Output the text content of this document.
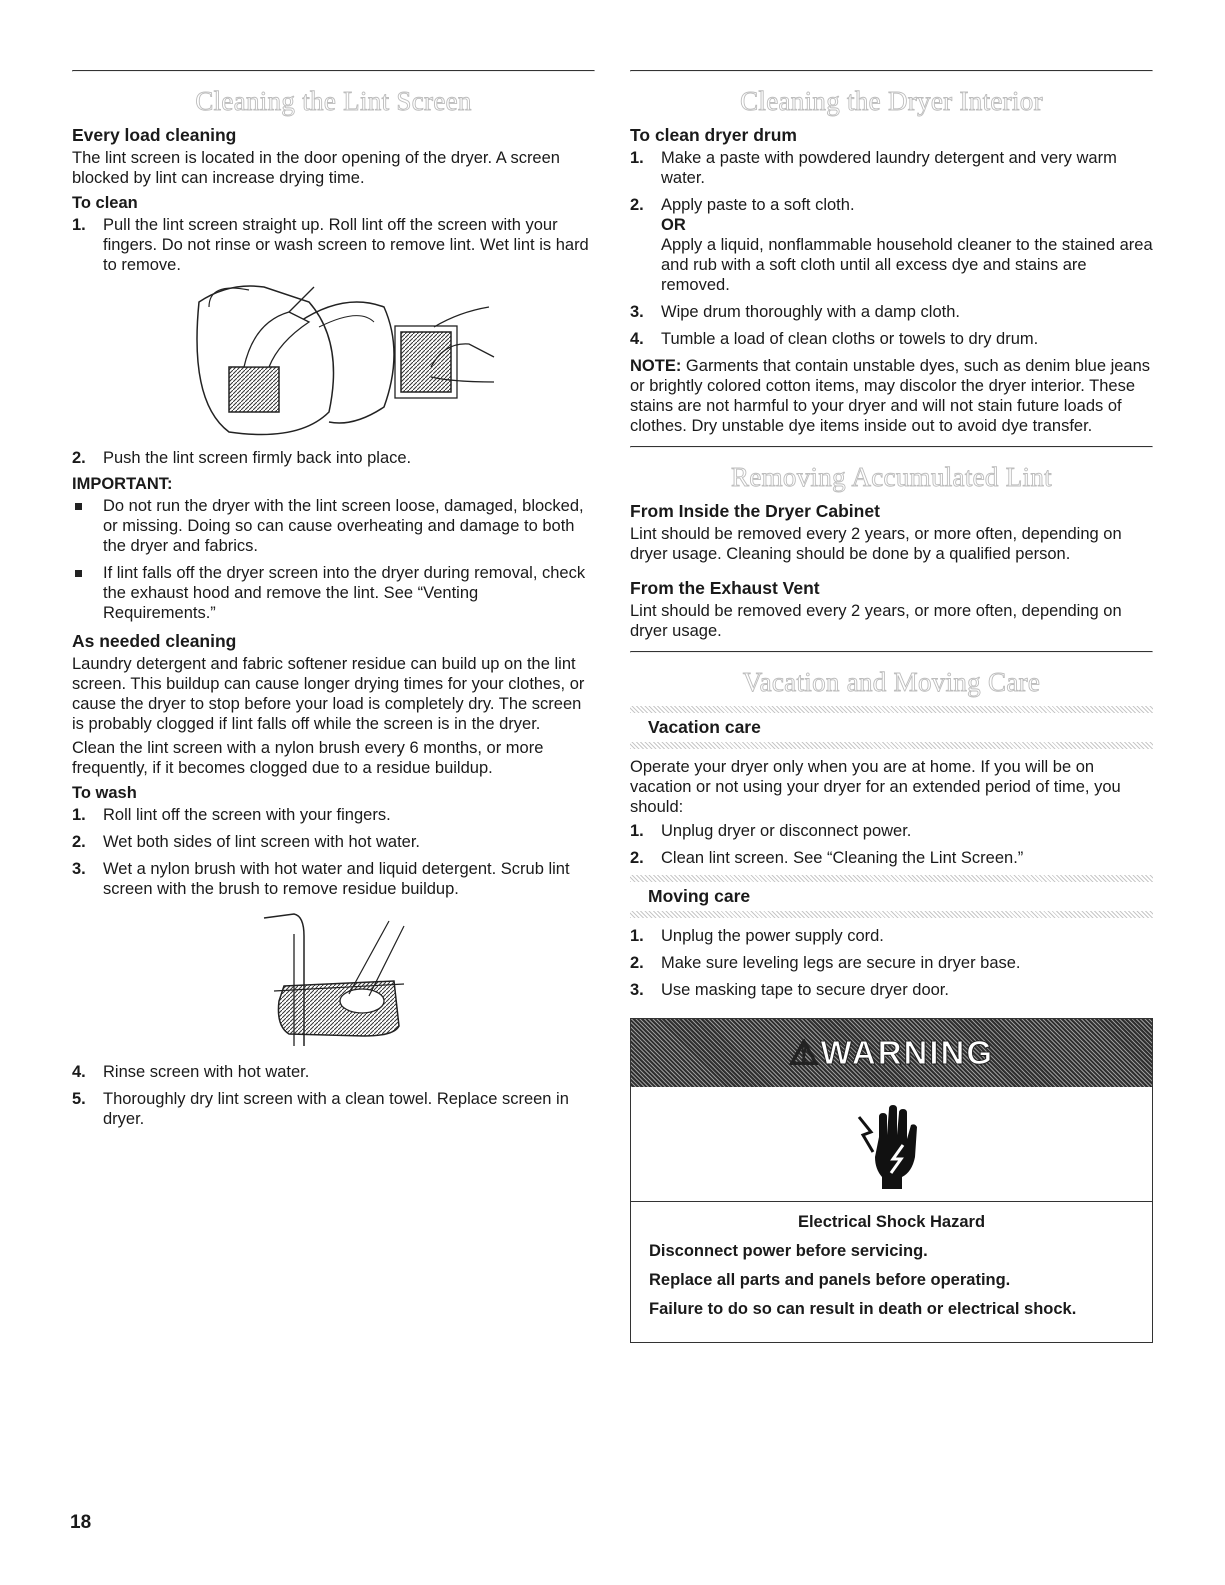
Cleaning the Lint Screen
Every load cleaning

The lint screen is located in the door opening of the dryer. A screen blocked by lint can increase drying time.

To clean
1. Pull the lint screen straight up. Roll lint off the screen with your fingers. Do not rinse or wash screen to remove lint. Wet lint is hard to remove.
2. Push the lint screen firmly back into place.
IMPORTANT:
Do not run the dryer with the lint screen loose, damaged, blocked, or missing. Doing so can cause overheating and damage to both the dryer and fabrics.
If lint falls off the dryer screen into the dryer during removal, check the exhaust hood and remove the lint. See “Venting Requirements.”
As needed cleaning

Laundry detergent and fabric softener residue can build up on the lint screen. This buildup can cause longer drying times for your clothes, or cause the dryer to stop before your load is completely dry. The screen is probably clogged if lint falls off while the screen is in the dryer.

Clean the lint screen with a nylon brush every 6 months, or more frequently, if it becomes clogged due to a residue buildup.

To wash
1. Roll lint off the screen with your fingers.
2. Wet both sides of lint screen with hot water.
3. Wet a nylon brush with hot water and liquid detergent. Scrub lint screen with the brush to remove residue buildup.
4. Rinse screen with hot water.
5. Thoroughly dry lint screen with a clean towel. Replace screen in dryer.
Cleaning the Dryer Interior
To clean dryer drum
1. Make a paste with powdered laundry detergent and very warm water.
2. Apply paste to a soft cloth.
OR
Apply a liquid, nonflammable household cleaner to the stained area and rub with a soft cloth until all excess dye and stains are removed.
3. Wipe drum thoroughly with a damp cloth.
4. Tumble a load of clean cloths or towels to dry drum.

NOTE: Garments that contain unstable dyes, such as denim blue jeans or brightly colored cotton items, may discolor the dryer interior. These stains are not harmful to your dryer and will not stain future loads of clothes. Dry unstable dye items inside out to avoid dye transfer.

Removing Accumulated Lint
From Inside the Dryer Cabinet

Lint should be removed every 2 years, or more often, depending on dryer usage. Cleaning should be done by a qualified person.

From the Exhaust Vent

Lint should be removed every 2 years, or more often, depending on dryer usage.

Vacation and Moving Care
Vacation care

Operate your dryer only when you are at home. If you will be on vacation or not using your dryer for an extended period of time, you should:

1. Unplug dryer or disconnect power.
2. Clean lint screen. See “Cleaning the Lint Screen.”
Moving care
1. Unplug the power supply cord.
2. Make sure leveling legs are secure in dryer base.
3. Use masking tape to secure dryer door.
⚠WARNING

Electrical Shock Hazard

Disconnect power before servicing.

Replace all parts and panels before operating.

Failure to do so can result in death or electrical shock.

18
